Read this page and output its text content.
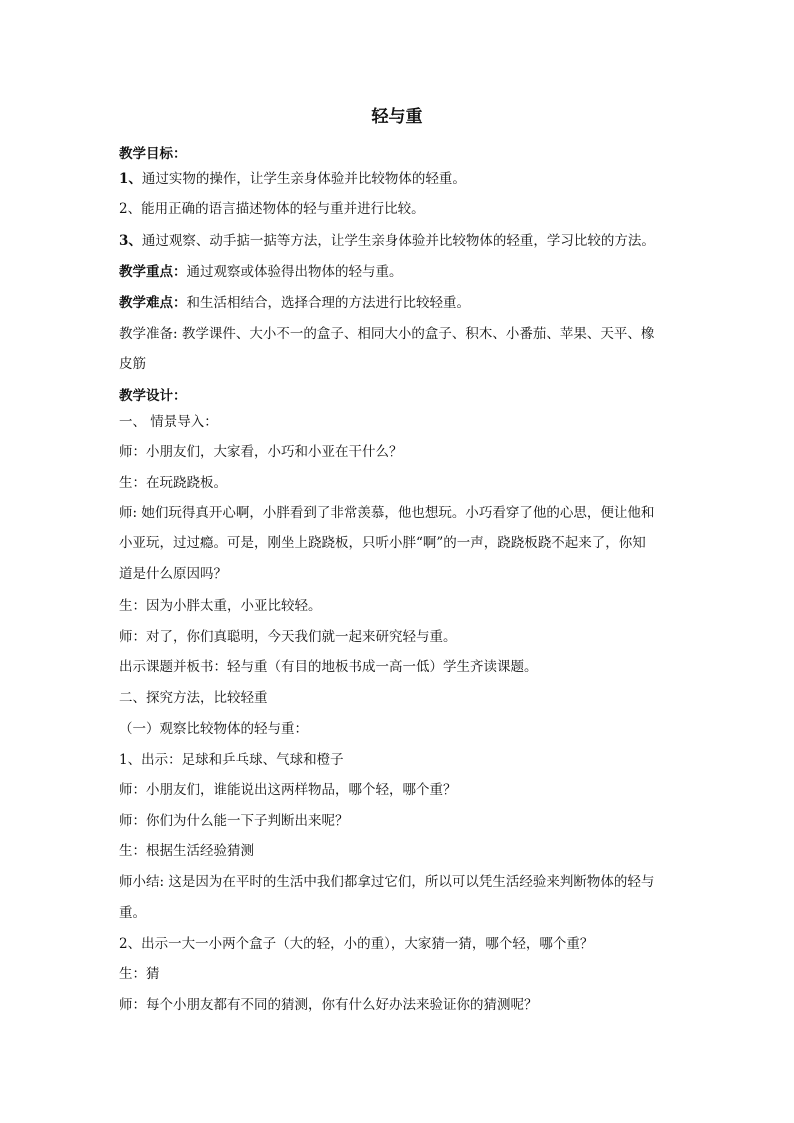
轻与重
教学目标：
1、通过实物的操作，让学生亲身体验并比较物体的轻重。
2、能用正确的语言描述物体的轻与重并进行比较。
3、通过观察、动手掂一掂等方法，让学生亲身体验并比较物体的轻重，学习比较的方法。
教学重点：通过观察或体验得出物体的轻与重。
教学难点：和生活相结合，选择合理的方法进行比较轻重。
教学准备: 教学课件、大小不一的盒子、相同大小的盒子、积木、小番茄、苹果、天平、橡
皮筋
教学设计：
一、 情景导入：
师：小朋友们，大家看，小巧和小亚在干什么？
生：在玩跷跷板。
师: 她们玩得真开心啊，小胖看到了非常羡慕，他也想玩。小巧看穿了他的心思，便让他和
小亚玩，过过瘾。可是，刚坐上跷跷板，只听小胖“啊”的一声，跷跷板跷不起来了，你知
道是什么原因吗？
生：因为小胖太重，小亚比较轻。
师：对了，你们真聪明，今天我们就一起来研究轻与重。
出示课题并板书：轻与重（有目的地板书成一高一低）学生齐读课题。
二、探究方法，比较轻重
（一）观察比较物体的轻与重：
1、出示：足球和乒乓球、气球和橙子
师：小朋友们，谁能说出这两样物品，哪个轻，哪个重？
师：你们为什么能一下子判断出来呢？
生：根据生活经验猜测
师小结: 这是因为在平时的生活中我们都拿过它们，所以可以凭生活经验来判断物体的轻与
重。
2、出示一大一小两个盒子（大的轻，小的重），大家猜一猜，哪个轻，哪个重？
生：猜
师：每个小朋友都有不同的猜测，你有什么好办法来验证你的猜测呢？
